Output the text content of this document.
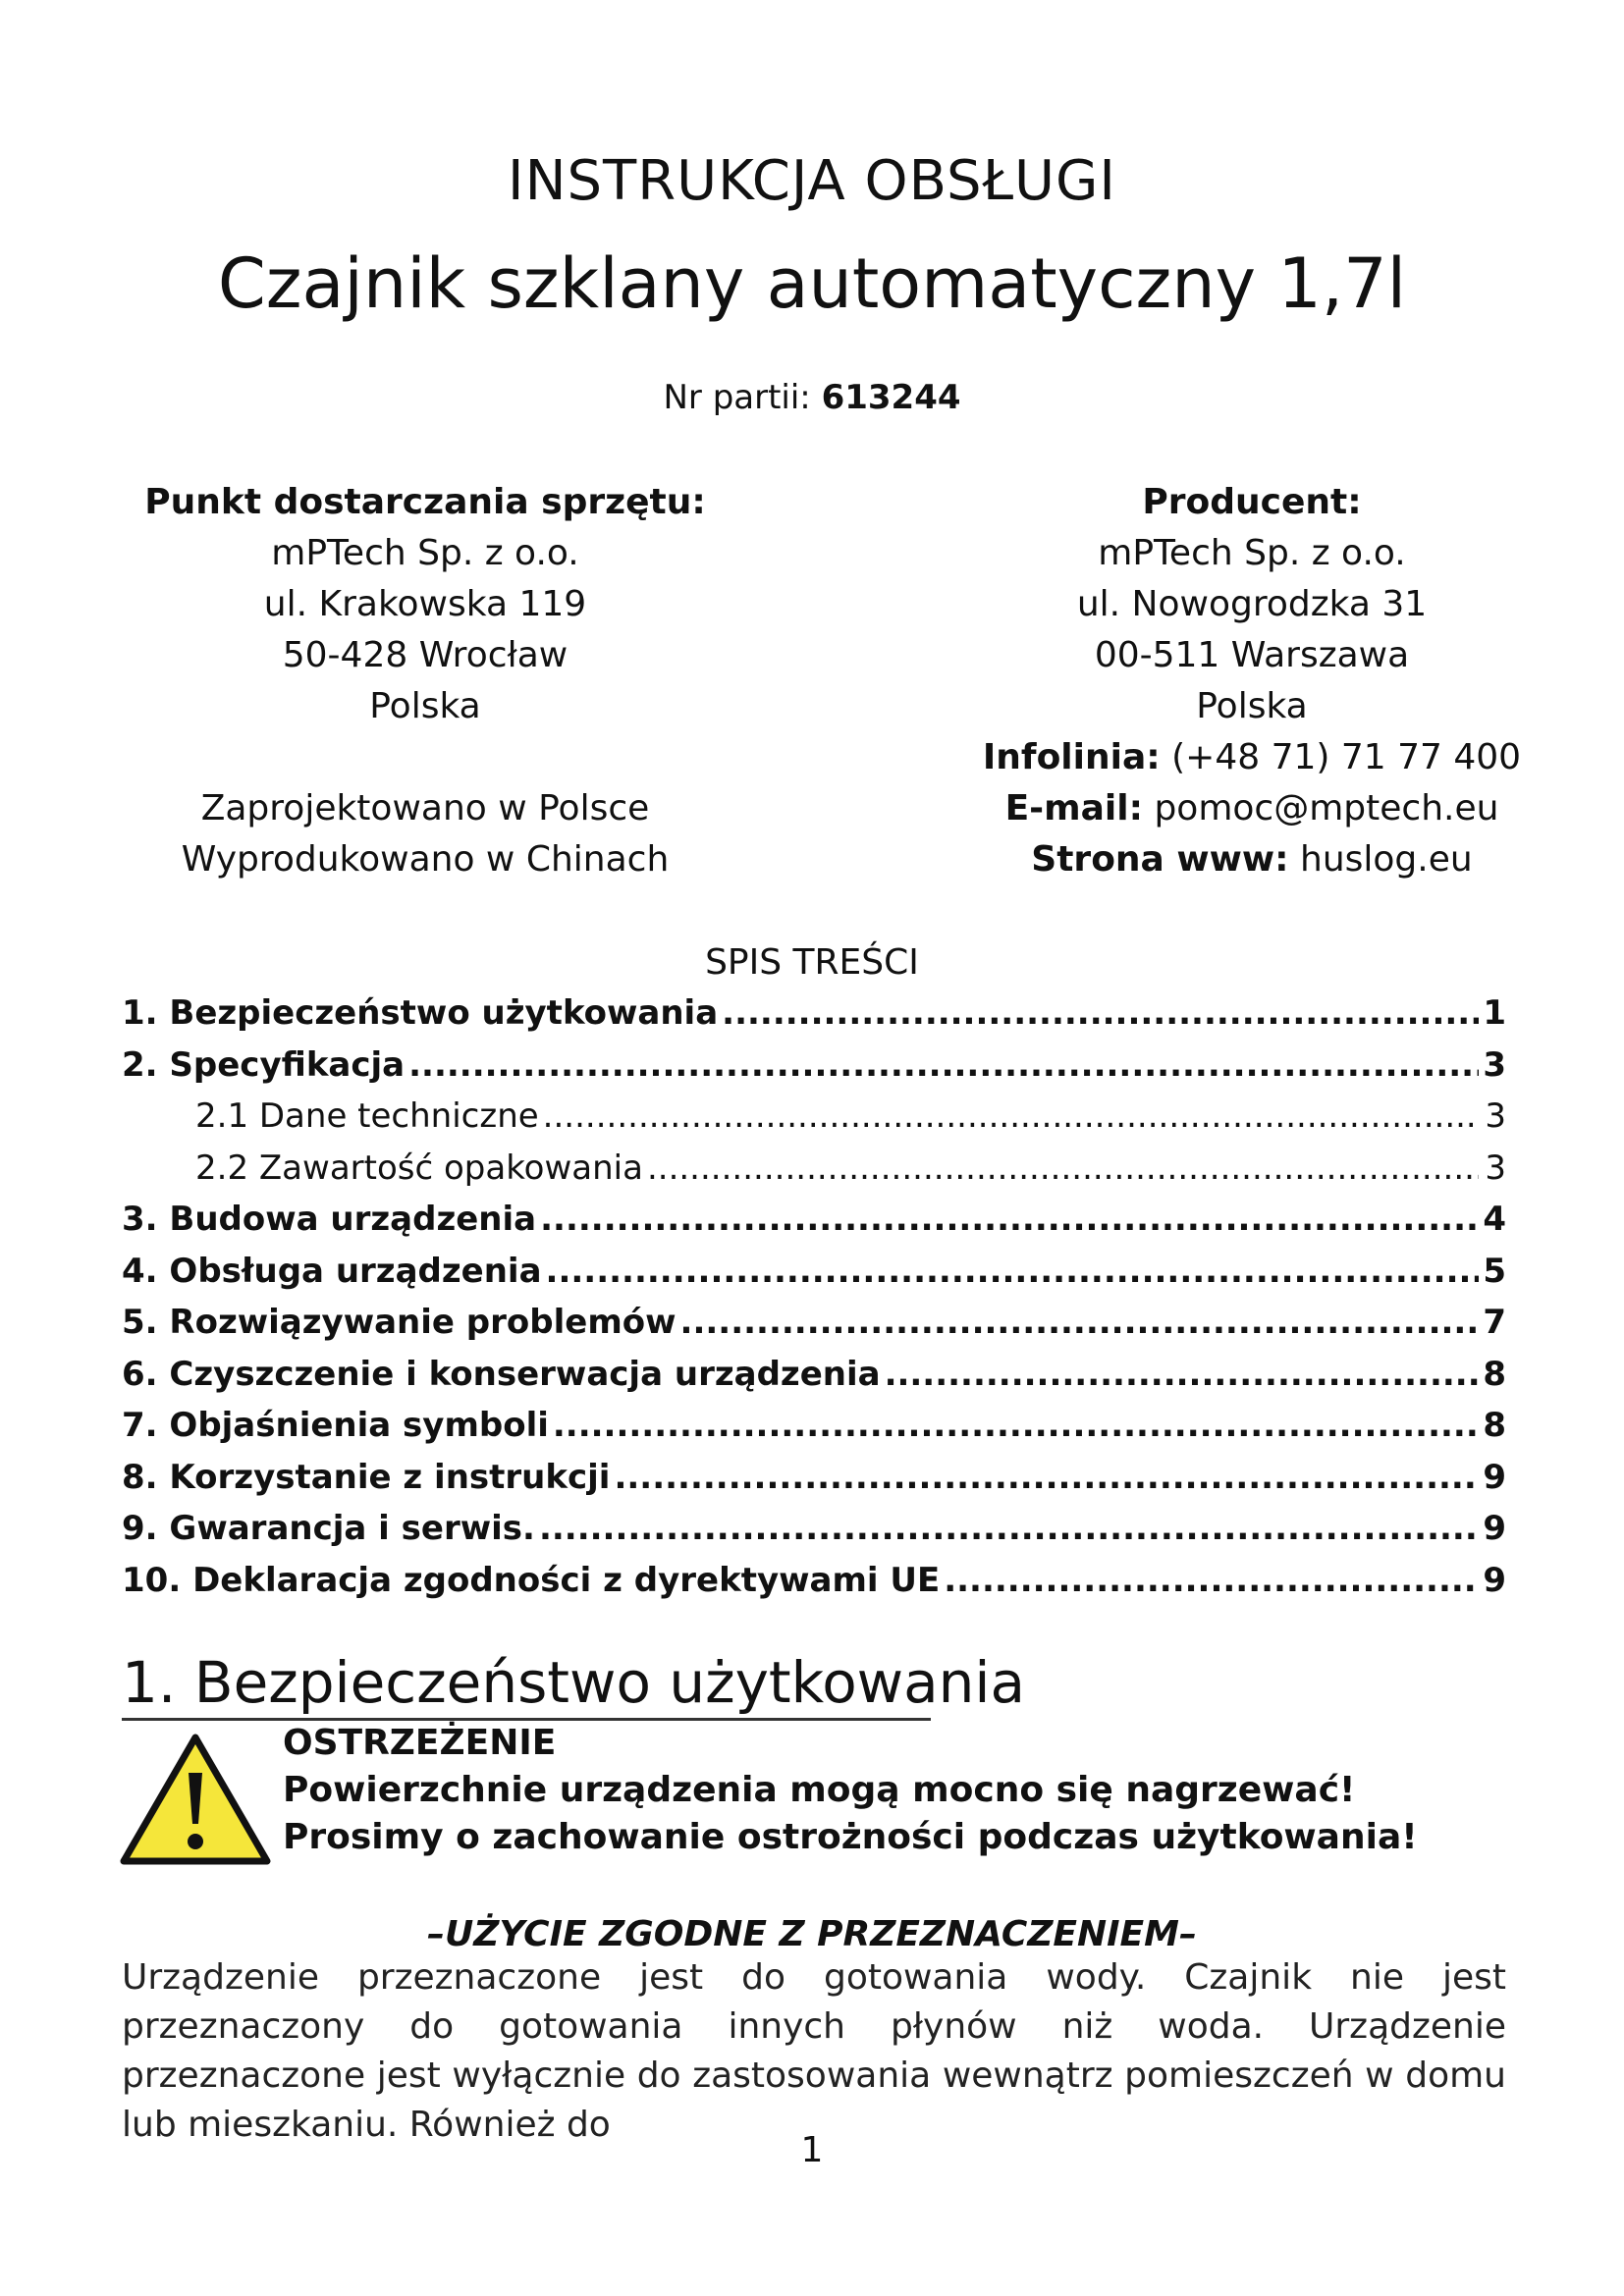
INSTRUKCJA OBSŁUGI
Czajnik szklany automatyczny 1,7l
Nr partii: 613244
Punkt dostarczania sprzętu:
mPTech Sp. z o.o.
ul. Krakowska 119
50-428 Wrocław
Polska
Zaprojektowano w Polsce
Wyprodukowano w Chinach
Producent:
mPTech Sp. z o.o.
ul. Nowogrodzka 31
00-511 Warszawa
Polska
Infolinia: (+48 71) 71 77 400
E-mail: pomoc@mptech.eu
Strona www: huslog.eu
SPIS TREŚCI
1. Bezpieczeństwo użytkowania .....	1
2. Specyfikacja .....	3
2.1 Dane techniczne .....	3
2.2 Zawartość opakowania .....	3
3. Budowa urządzenia .....	4
4. Obsługa urządzenia .....	5
5. Rozwiązywanie problemów .....	7
6. Czyszczenie i konserwacja urządzenia .....	8
7. Objaśnienia symboli .....	8
8. Korzystanie z instrukcji .....	9
9. Gwarancja i serwis. .....	9
10. Deklaracja zgodności z dyrektywami UE .....	9
1. Bezpieczeństwo użytkowania
OSTRZEŻENIE
Powierzchnie urządzenia mogą mocno się nagrzewać!
Prosimy o zachowanie ostrożności podczas użytkowania!
–UŻYCIE ZGODNE Z PRZEZNACZENIEM–
Urządzenie przeznaczone jest do gotowania wody. Czajnik nie jest przeznaczony do gotowania innych płynów niż woda. Urządzenie przeznaczone jest wyłącznie do zastosowania wewnątrz pomieszczeń w domu lub mieszkaniu. Również do
1
